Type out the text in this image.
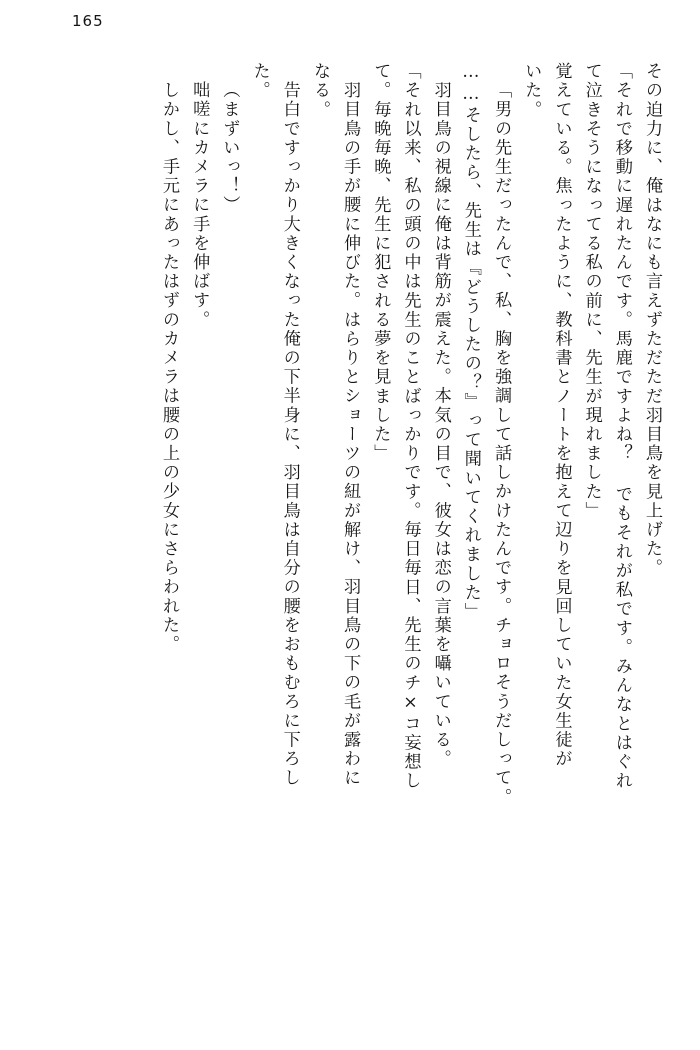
165
その迫力に、俺はなにも言えずただただ羽目鳥を見上げた。
「それで移動に遅れたんです。馬鹿ですよね？ でもそれが私です。みんなとはぐれ
て泣きそうになってる私の前に、先生が現れました」
覚えている。焦ったように、教科書とノートを抱えて辺りを見回していた女生徒が
いた。
「男の先生だったんで、私、胸を強調して話しかけたんです。チョロそうだしって。
……そしたら、先生は『どうしたの？』って聞いてくれました」
羽目鳥の視線に俺は背筋が震えた。本気の目で、彼女は恋の言葉を囁いている。
「それ以来、私の頭の中は先生のことばっかりです。毎日毎日、先生のチ×コ妄想し
て。毎晩毎晩、先生に犯される夢を見ました」
羽目鳥の手が腰に伸びた。はらりとショーツの紐が解け、羽目鳥の下の毛が露わに
なる。
告白ですっかり大きくなった俺の下半身に、羽目鳥は自分の腰をおもむろに下ろし
た。
（まずいっ！）
咄嗟にカメラに手を伸ばす。
しかし、手元にあったはずのカメラは腰の上の少女にさらわれた。
